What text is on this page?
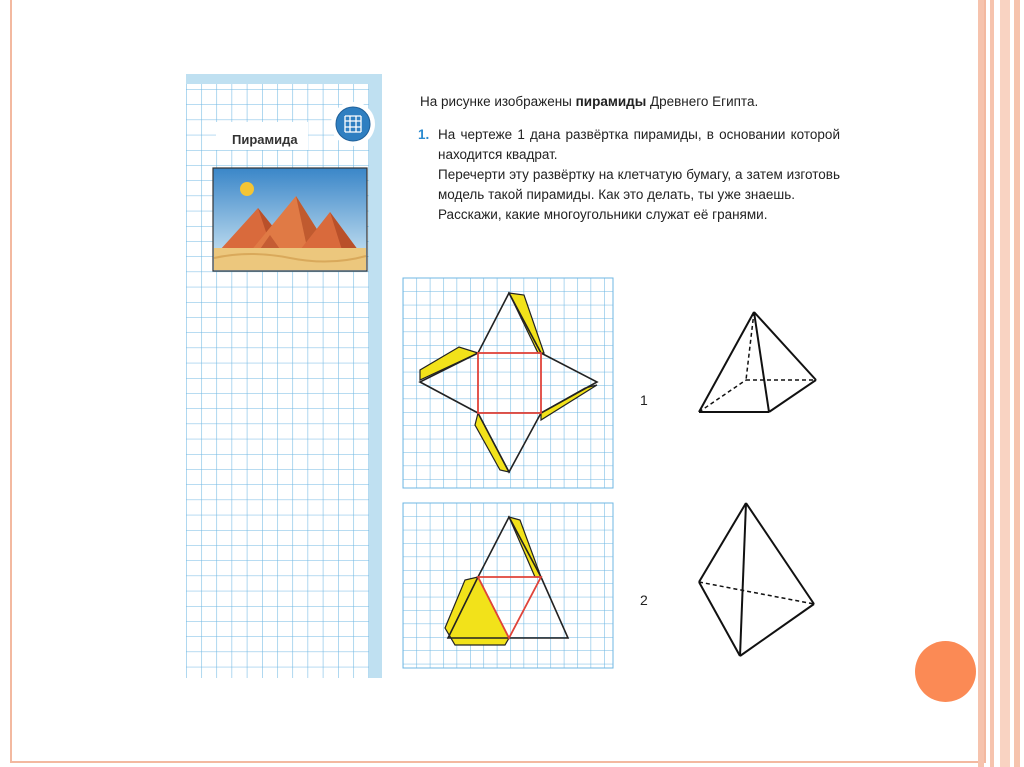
Пирамида

На рисунке изображены пирамиды Древнего Египта.

1. На чертеже 1 дана развёртка пирамиды, в основании которой находится квадрат.

Перечерти эту развёртку на клетчатую бумагу, а затем изготовь модель такой пирамиды. Как это делать, ты уже знаешь.

Расскажи, какие многоугольники служат её гранями.

1
2
